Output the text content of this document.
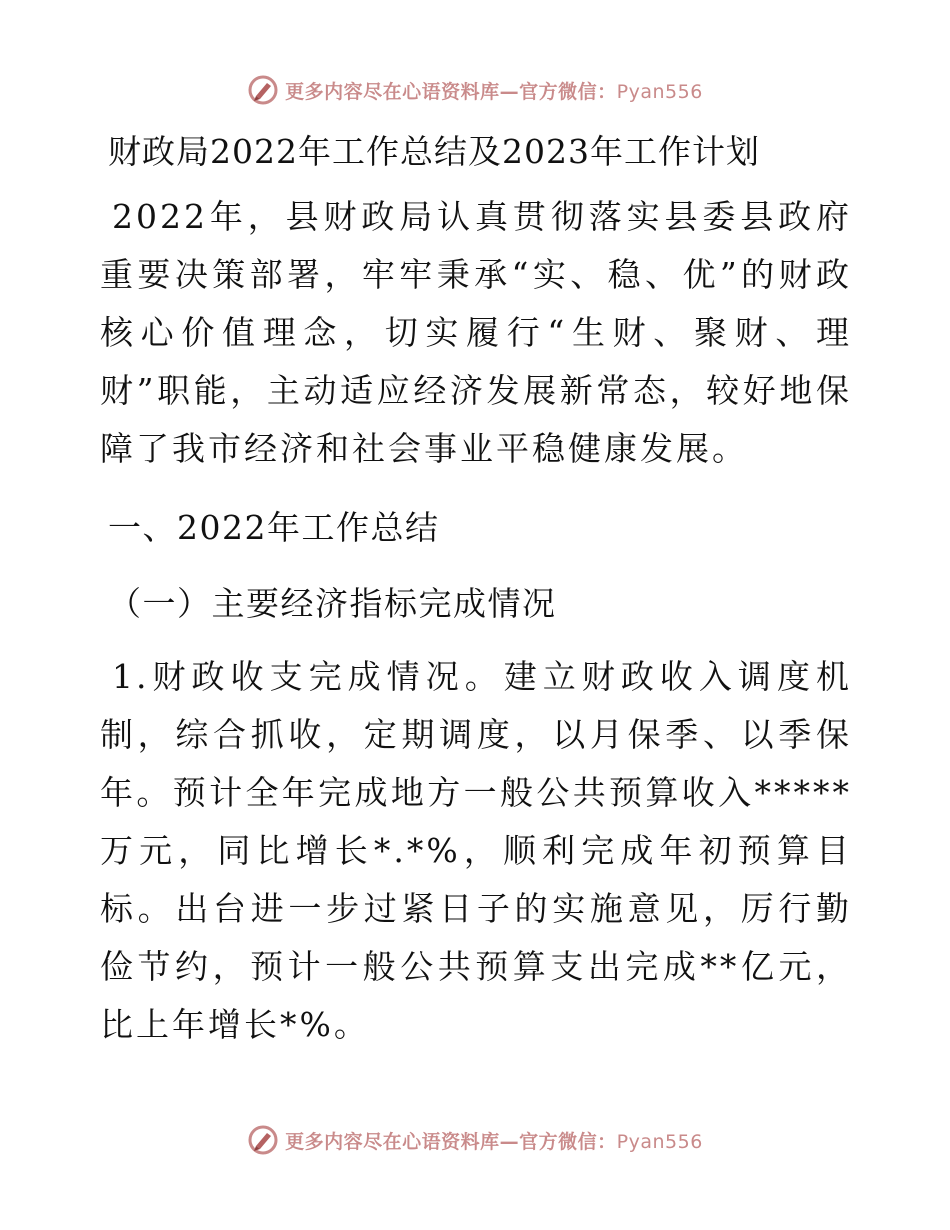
更多内容尽在心语资料库—官方微信：Pyan556
财政局2022年工作总结及2023年工作计划
2022年，县财政局认真贯彻落实县委县政府重要决策部署，牢牢秉承“实、稳、优”的财政核心价值理念，切实履行“生财、聚财、理财”职能，主动适应经济发展新常态，较好地保障了我市经济和社会事业平稳健康发展。
一、2022年工作总结
（一）主要经济指标完成情况
1.财政收支完成情况。建立财政收入调度机制，综合抓收，定期调度，以月保季、以季保年。预计全年完成地方一般公共预算收入*****万元，同比增长*.*%，顺利完成年初预算目标。出台进一步过紧日子的实施意见，厉行勤俭节约，预计一般公共预算支出完成**亿元，比上年增长*%。
更多内容尽在心语资料库—官方微信：Pyan556
